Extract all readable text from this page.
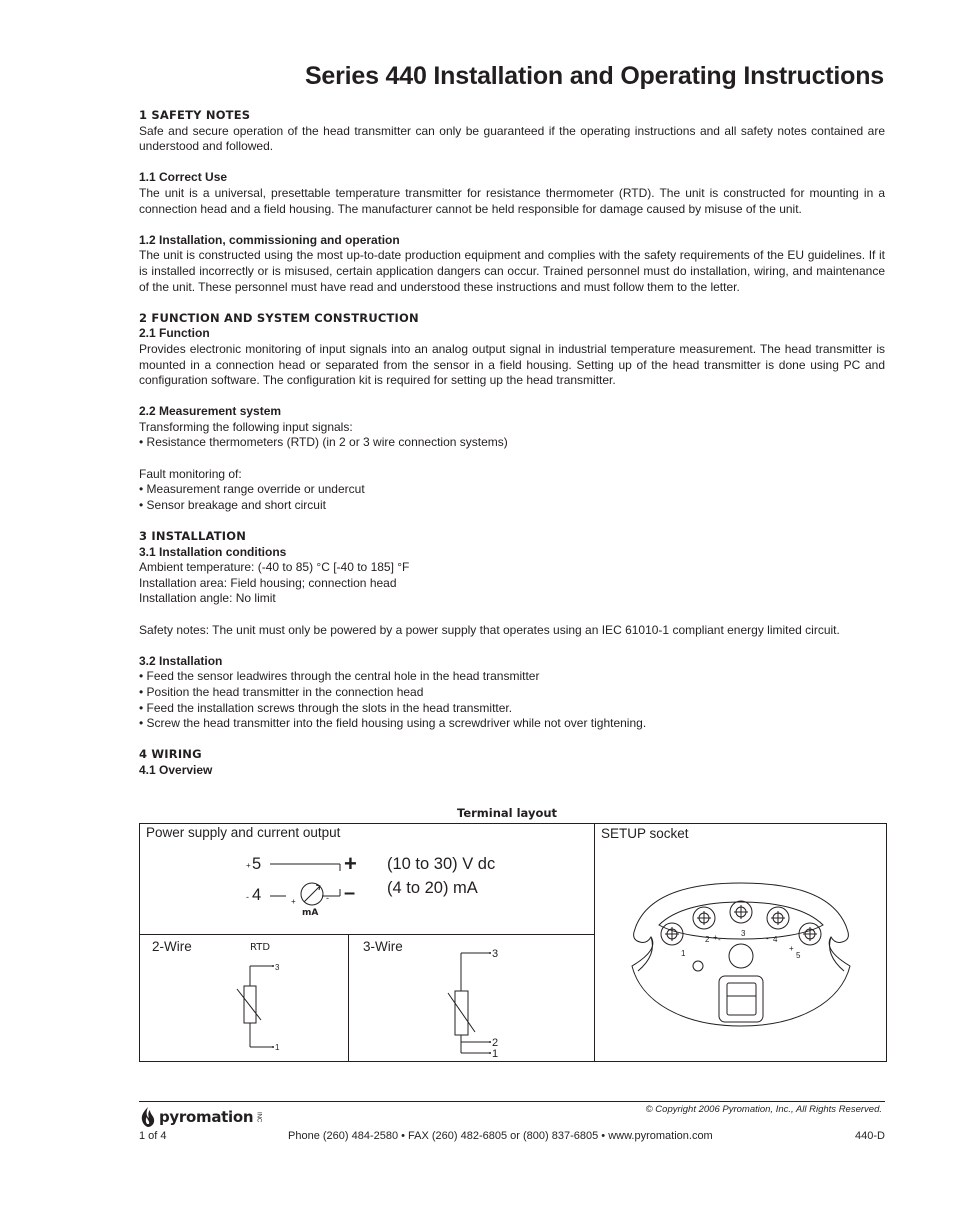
Series 440 Installation and Operating Instructions
1 SAFETY NOTES
Safe and secure operation of the head transmitter can only be guaranteed if the operating instructions and all safety notes contained are understood and followed.
1.1 Correct Use
The unit is a universal, presettable temperature transmitter for resistance thermometer (RTD). The unit is constructed for mounting in a connection head and a field housing. The manufacturer cannot be held responsible for damage caused by misuse of the unit.
1.2 Installation, commissioning and operation
The unit is constructed using the most up-to-date production equipment and complies with the safety requirements of the EU guidelines. If it is installed incorrectly or is misused, certain application dangers can occur. Trained personnel must do installation, wiring, and maintenance of the unit. These personnel must have read and understood these instructions and must follow them to the letter.
2 FUNCTION AND SYSTEM CONSTRUCTION
2.1 Function
Provides electronic monitoring of input signals into an analog output signal in industrial temperature measurement. The head transmitter is mounted in a connection head or separated from the sensor in a field housing. Setting up of the head transmitter is done using PC and configuration software. The configuration kit is required for setting up the head transmitter.
2.2 Measurement system
Transforming the following input signals:
• Resistance thermometers (RTD) (in 2 or 3 wire connection systems)
Fault monitoring of:
• Measurement range override or undercut
• Sensor breakage and short circuit
3 INSTALLATION
3.1 Installation conditions
Ambient temperature: (-40 to 85) °C [-40 to 185] °F
Installation area: Field housing; connection head
Installation angle: No limit
Safety notes: The unit must only be powered by a power supply that operates using an IEC 61010-1 compliant energy limited circuit.
3.2 Installation
• Feed the sensor leadwires through the central hole in the head transmitter
• Position the head transmitter in the connection head
• Feed the installation screws through the slots in the head transmitter.
• Screw the head transmitter into the field housing using a screwdriver while not over tightening.
4 WIRING
4.1 Overview
Terminal layout
Power supply and current output
5
4
(10 to 30) V dc
(4 to 20) mA
+
-	+	-
mA
+
–
2-Wire	RTD
3
1
3-Wire	3
2
1
SETUP socket
1
2
3
4
5
+ -	-
+
© Copyright 2006 Pyromation, Inc., All Rights Reserved.
pyromation INC
1 of 4	Phone (260) 484-2580 • FAX (260) 482-6805 or (800) 837-6805 • www.pyromation.com	440-D
